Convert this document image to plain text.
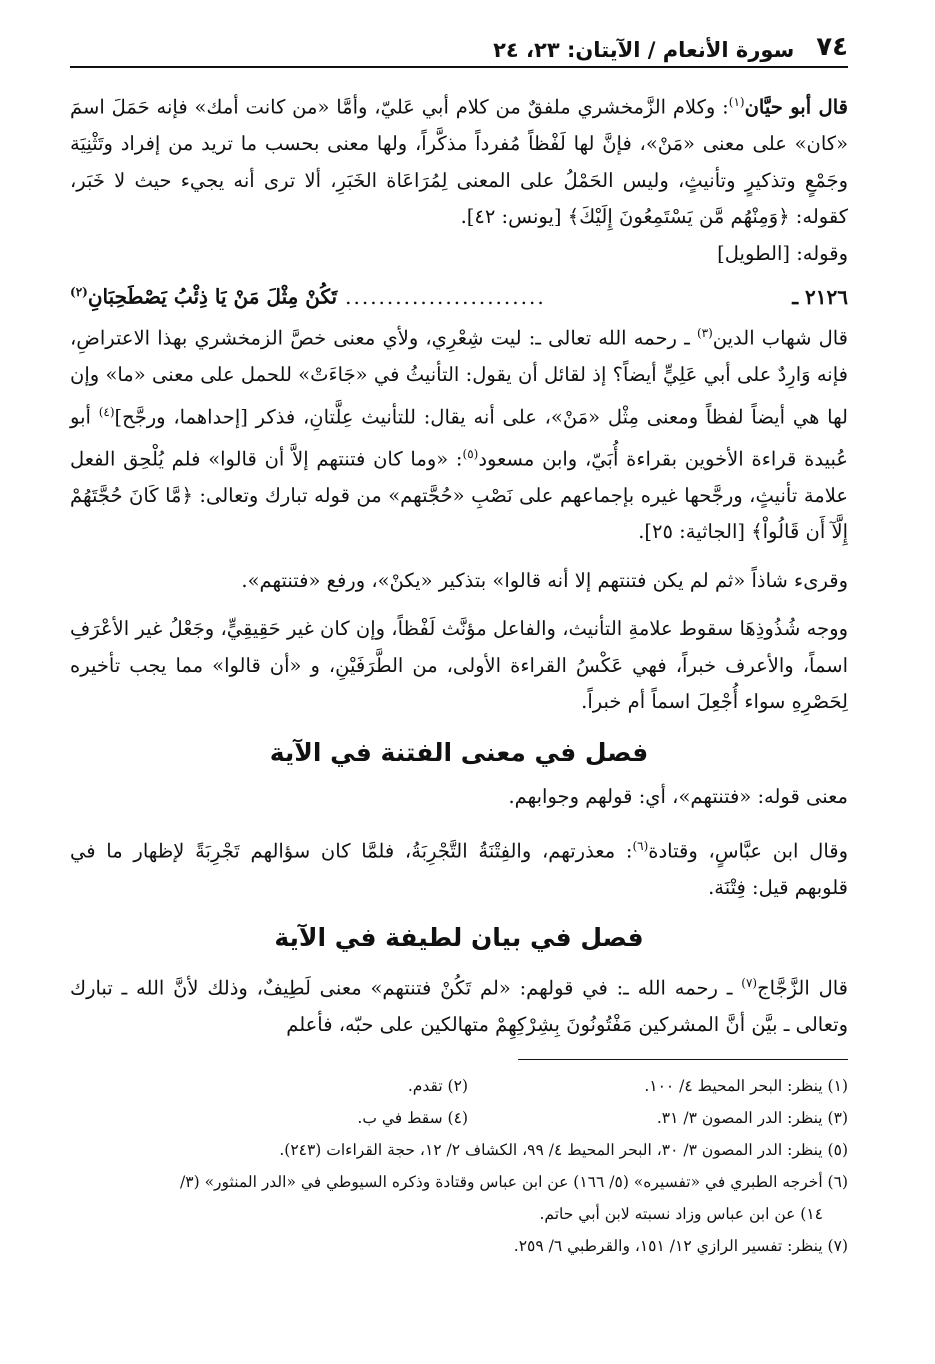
٧٤
سورة الأنعام / الآيتان: ٢٣، ٢٤

قال أبو حيَّان$^{(١)}$: وكلام الزَّمخشري ملفقٌ من كلام أبي عَليّ، وأمَّا «من كانت أمك» فإنه حَمَلَ اسمَ «كان» على معنى «مَنْ»، فإنَّ لها لَفْظاً مُفرداً مذكَّراً، ولها معنى بحسب ما تريد من إفراد وتَثْنِيَة وجَمْعٍ وتذكيرٍ وتأنيثٍ، وليس الحَمْلُ على المعنى لِمُرَاعَاة الخَبَرِ، ألا ترى أنه يجيء حيث لا خَبَر، كقوله: ﴿وَمِنْهُم مَّن يَسْتَمِعُونَ إِلَيْكَ﴾ [يونس: ٤٢].

وقوله: [الطويل]

٢١٢٦ ـ
........................
تَكُنْ مِثْلَ مَنْ يَا ذِئْبُ يَصْطَحِبَانِ$^{(٢)}$

قال شهاب الدين$^{(٣)}$ ـ رحمه الله تعالى ـ: ليت شِعْرِي، ولأي معنى خصَّ الزمخشري بهذا الاعتراضِ، فإنه وَارِدٌ على أبي عَلِيٍّ أيضاً؟ إذ لقائل أن يقول: التأنيثُ في «جَاءَتْ» للحمل على معنى «ما» وإن لها هي أيضاً لفظاً ومعنى مِثْل «مَنْ»، على أنه يقال: للتأنيث عِلَّتانِ، فذكر [إحداهما، ورجَّح]$^{(٤)}$ أبو عُبيدة قراءة الأخوين بقراءة أُبَيّ، وابن مسعود$^{(٥)}$: «وما كان فتنتهم إلاَّ أن قالوا» فلم يُلْحِق الفعل علامة تأنيثٍ، ورجَّحها غيره بإجماعهم على نَصْبِ «حُجَّتهم» من قوله تبارك وتعالى: ﴿مَّا كَانَ حُجَّتَهُمْ إِلَّآ أَن قَالُواْ﴾ [الجاثية: ٢٥].

وقرىء شاذاً «ثم لم يكن فتنتهم إلا أنه قالوا» بتذكير «يكنْ»، ورفع «فتنتهم».

ووجه شُذُوذِهَا سقوط علامةِ التأنيث، والفاعل مؤنَّث لَفْظاً، وإن كان غير حَقِيقِيٍّ، وجَعْلُ غير الأعْرَفِ اسماً، والأعرف خبراً، فهي عَكْسُ القراءة الأولى، من الطَّرَفَيْنِ، و «أن قالوا» مما يجب تأخيره لِحَصْرِهِ سواء أُجْعِلَ اسماً أم خبراً.

فصل في معنى الفتنة في الآية

معنى قوله: «فتنتهم»، أي: قولهم وجوابهم.

وقال ابن عبَّاسٍ، وقتادة$^{(٦)}$: معذرتهم، والفِتْنَةُ التَّجْرِبَةُ، فلمَّا كان سؤالهم تَجْرِبَةً لإظهار ما في قلوبهم قيل: فِتْنَة.

فصل في بيان لطيفة في الآية

قال الزَّجَّاج$^{(٧)}$ ـ رحمه الله ـ: في قولهم: «لم تَكُنْ فتنتهم» معنى لَطِيفٌ، وذلك لأنَّ الله ـ تبارك وتعالى ـ بيَّن أنَّ المشركين مَفْتُونُونَ بِشِرْكِهِمْ متهالكين على حبّه، فأعلم

(١) ينظر: البحر المحيط ٤/ ١٠٠.
(٢) تقدم.
(٣) ينظر: الدر المصون ٣/ ٣١.
(٤) سقط في ب.
(٥) ينظر: الدر المصون ٣/ ٣٠، البحر المحيط ٤/ ٩٩، الكشاف ٢/ ١٢، حجة القراءات (٢٤٣).
(٦) أخرجه الطبري في «تفسيره» (٥/ ١٦٦) عن ابن عباس وقتادة وذكره السيوطي في «الدر المنثور» (٣/
١٤) عن ابن عباس وزاد نسبته لابن أبي حاتم.
(٧) ينظر: تفسير الرازي ١٢/ ١٥١، والقرطبي ٦/ ٢٥٩.
